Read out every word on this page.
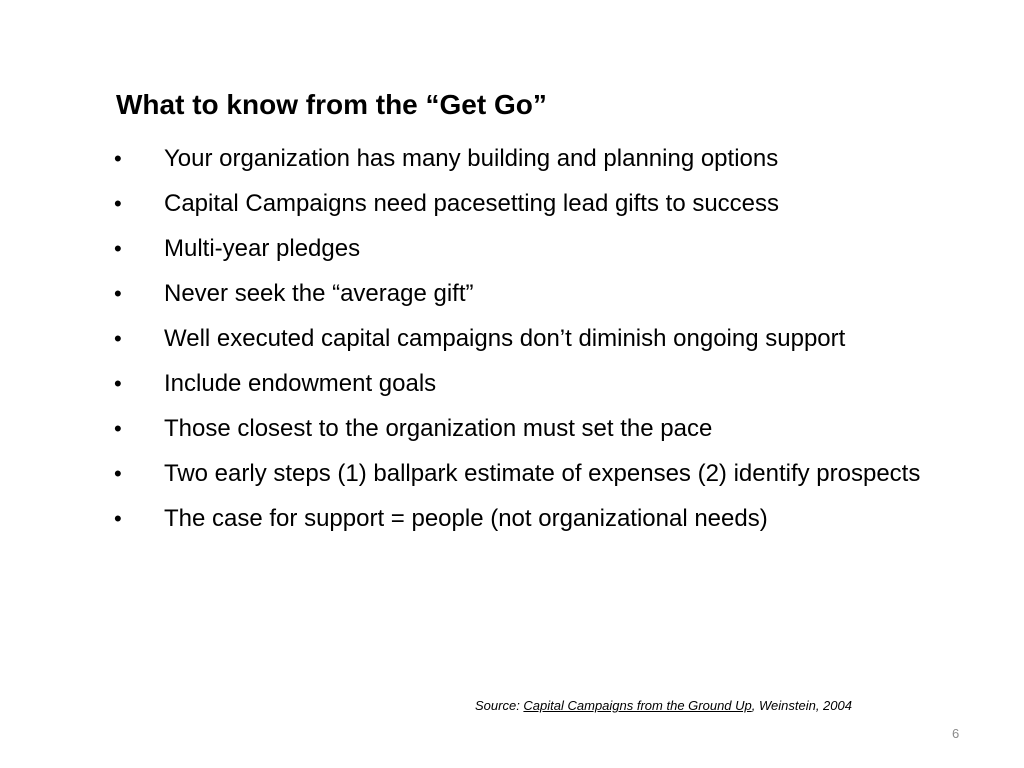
What to know from the “Get Go”
• Your organization has many building and planning options
• Capital Campaigns need pacesetting lead gifts to success
• Multi-year pledges
• Never seek the “average gift”
• Well executed capital campaigns don’t diminish ongoing support
• Include endowment goals
• Those closest to the organization must set the pace
• Two early steps (1) ballpark estimate of expenses (2) identify prospects
• The case for support = people (not organizational needs)
Source: Capital Campaigns from the Ground Up, Weinstein, 2004
6
